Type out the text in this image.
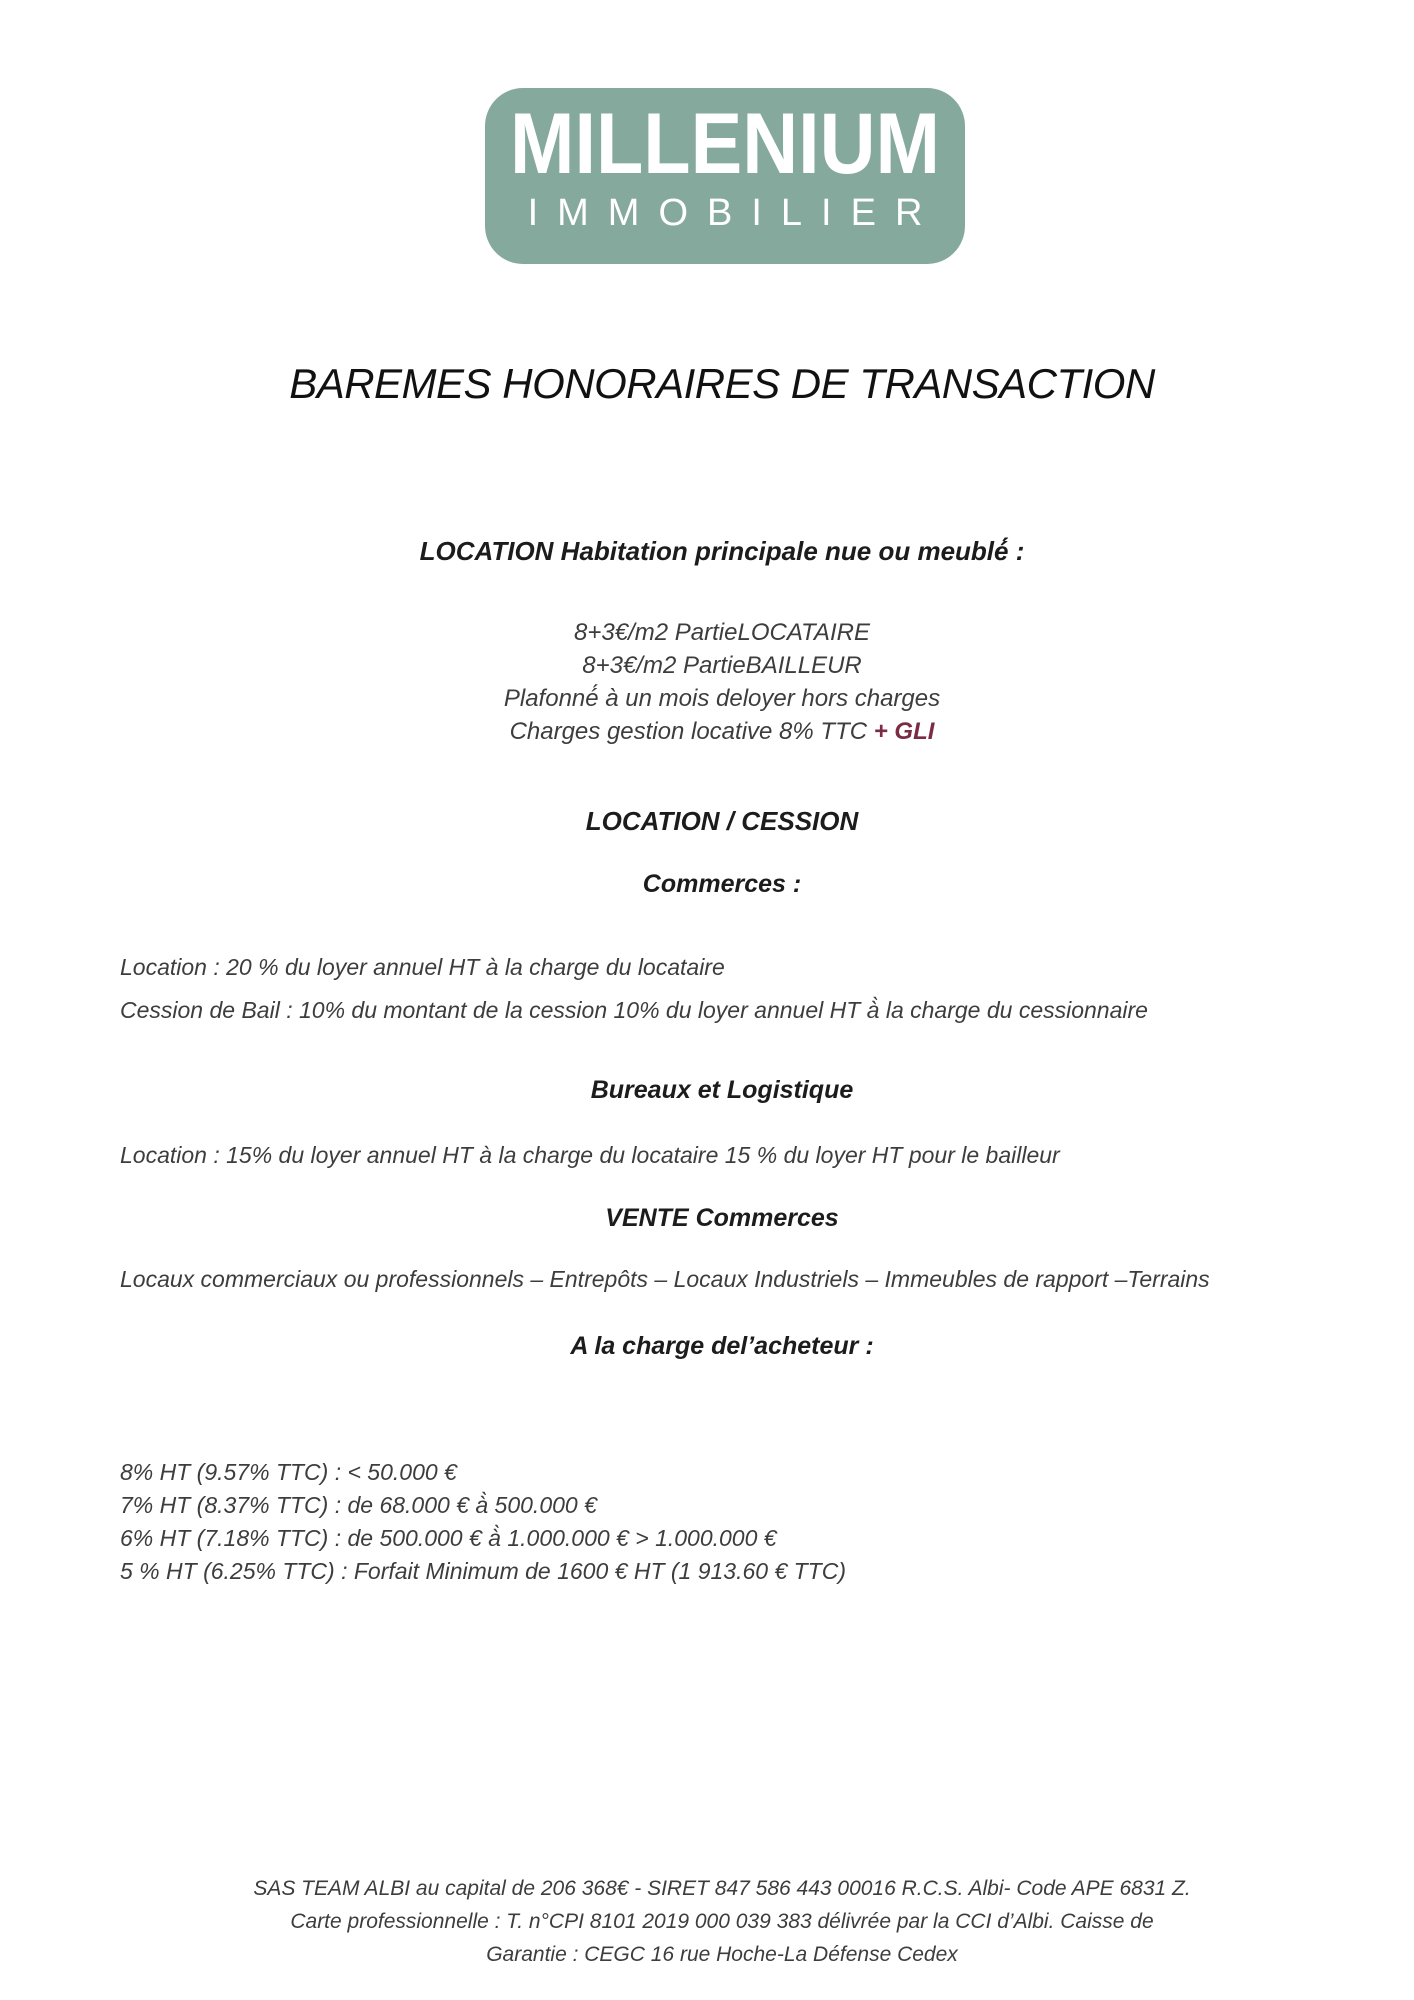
MILLENIUM
IMMOBILIER
BAREMES HONORAIRES DE TRANSACTION
LOCATION Habitation principale nue ou meublé́ :
8+3€/m2 PartieLOCATAIRE
8+3€/m2 PartieBAILLEUR
Plafonné́ à un mois deloyer hors charges
Charges gestion locative 8% TTC + GLI
LOCATION / CESSION
Commerces :
Location : 20 % du loyer annuel HT à la charge du locataire
Cession de Bail : 10% du montant de la cession 10% du loyer annuel HT à̀ la charge du cessionnaire
Bureaux et Logistique
Location : 15% du loyer annuel HT à la charge du locataire 15 % du loyer HT pour le bailleur
VENTE Commerces
Locaux commerciaux ou professionnels – Entrepôts – Locaux Industriels – Immeubles de rapport –Terrains
A la charge del’acheteur :
8% HT (9.57% TTC) : < 50.000 €
7% HT (8.37% TTC) : de 68.000 € à̀ 500.000 €
6% HT (7.18% TTC) : de 500.000 € à̀ 1.000.000 € > 1.000.000 €
5 % HT (6.25% TTC) : Forfait Minimum de 1600 € HT (1 913.60 € TTC)
SAS TEAM ALBI au capital de 206 368€ - SIRET 847 586 443 00016 R.C.S. Albi- Code APE 6831 Z.
Carte professionnelle : T. n°CPI 8101 2019 000 039 383 délivrée par la CCI d’Albi. Caisse de
Garantie : CEGC 16 rue Hoche-La Défense Cedex
